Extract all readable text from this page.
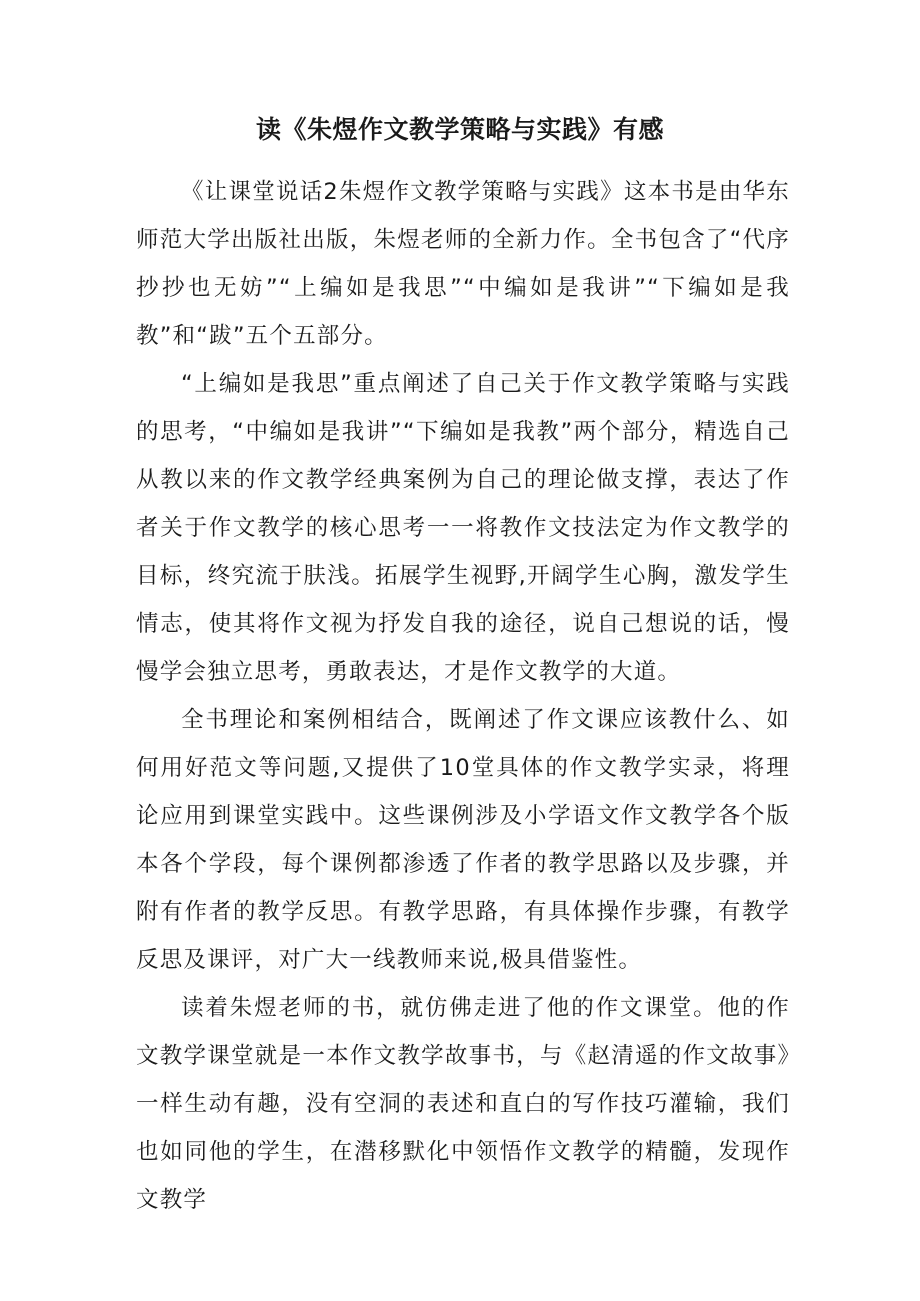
读《朱煜作文教学策略与实践》有感

《让课堂说话2朱煜作文教学策略与实践》这本书是由华东师范大学出版社出版，朱煜老师的全新力作。全书包含了“代序抄抄也无妨”“上编如是我思”“中编如是我讲”“下编如是我教”和“跋”五个五部分。

“上编如是我思”重点阐述了自己关于作文教学策略与实践的思考，“中编如是我讲”“下编如是我教”两个部分，精选自己从教以来的作文教学经典案例为自己的理论做支撑，表达了作者关于作文教学的核心思考一一将教作文技法定为作文教学的目标，终究流于肤浅。拓展学生视野,开阔学生心胸，激发学生情志，使其将作文视为抒发自我的途径，说自己想说的话，慢慢学会独立思考，勇敢表达，才是作文教学的大道。

全书理论和案例相结合，既阐述了作文课应该教什么、如何用好范文等问题,又提供了10堂具体的作文教学实录，将理论应用到课堂实践中。这些课例涉及小学语文作文教学各个版本各个学段，每个课例都渗透了作者的教学思路以及步骤，并附有作者的教学反思。有教学思路，有具体操作步骤，有教学反思及课评，对广大一线教师来说,极具借鉴性。

读着朱煜老师的书，就仿佛走进了他的作文课堂。他的作文教学课堂就是一本作文教学故事书，与《赵清遥的作文故事》一样生动有趣，没有空洞的表述和直白的写作技巧灌输，我们也如同他的学生，在潜移默化中领悟作文教学的精髓，发现作文教学
